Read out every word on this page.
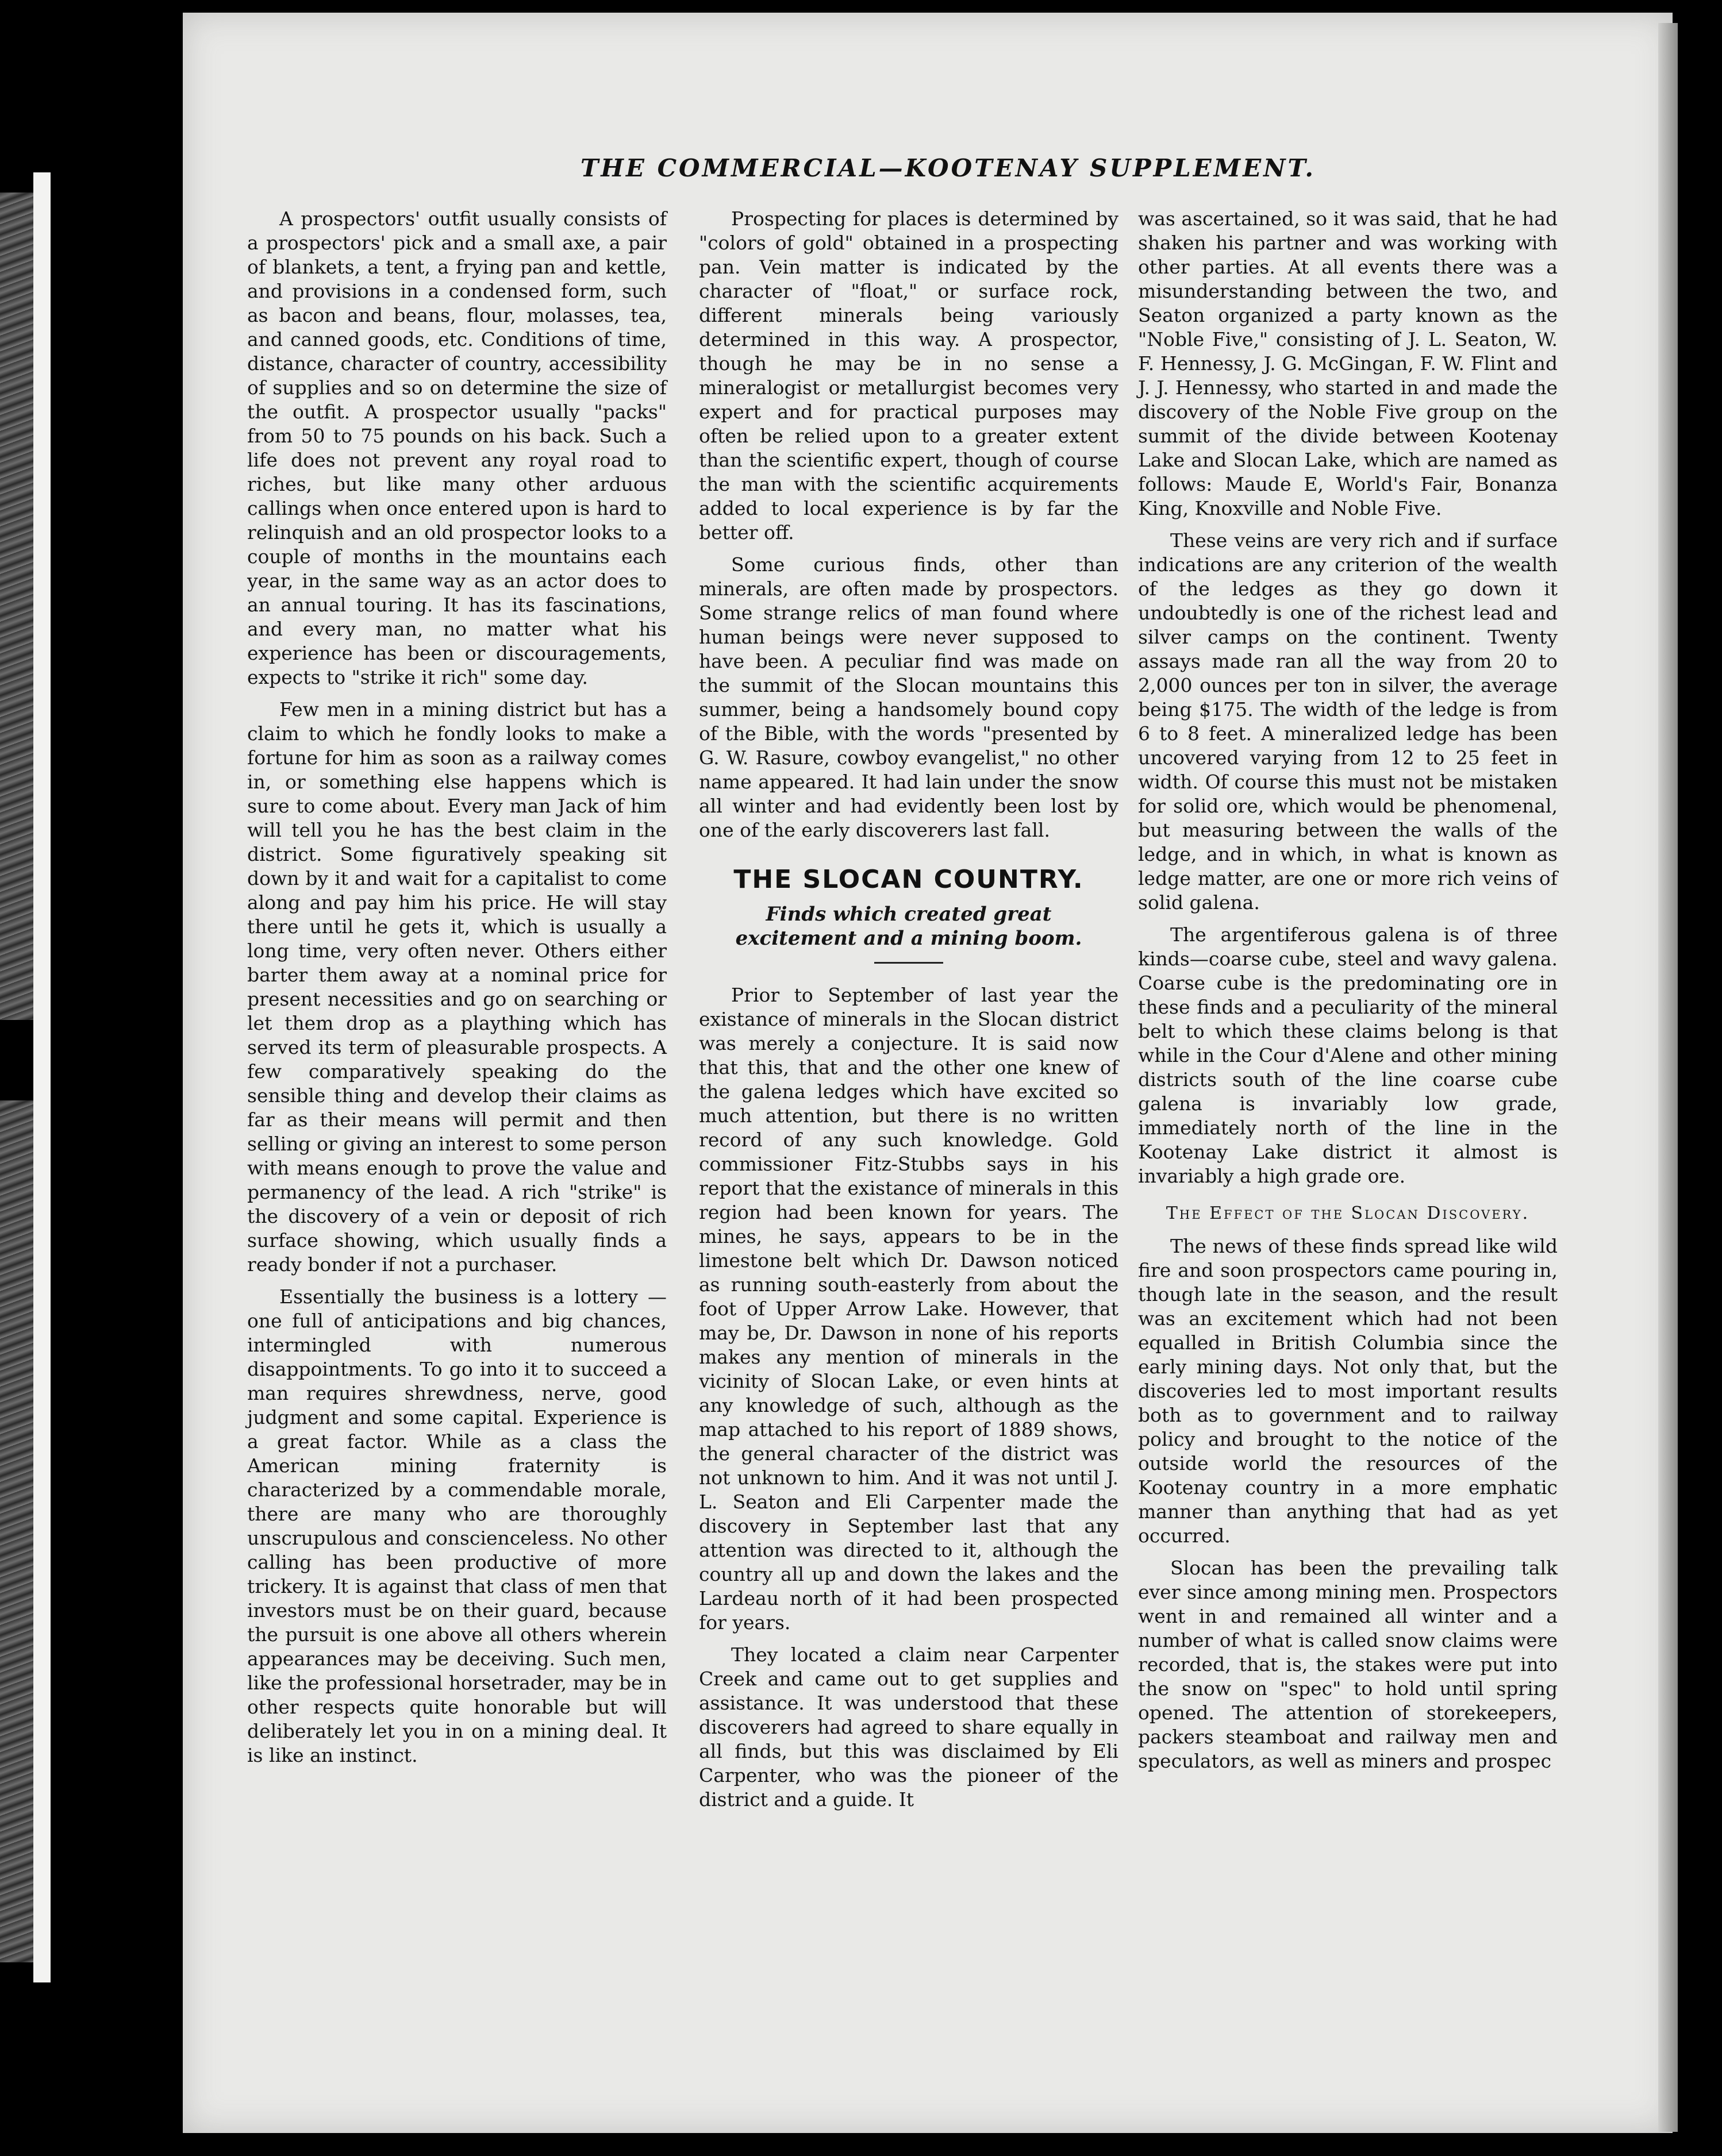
THE COMMERCIAL—KOOTENAY SUPPLEMENT.

A prospectors' outfit usually consists of a prospectors' pick and a small axe, a pair of blankets, a tent, a frying pan and kettle, and provisions in a condensed form, such as bacon and beans, flour, molasses, tea, and canned goods, etc. Conditions of time, distance, character of country, accessibility of supplies and so on determine the size of the outfit. A prospector usually "packs" from 50 to 75 pounds on his back. Such a life does not prevent any royal road to riches, but like many other arduous callings when once entered upon is hard to relinquish and an old prospector looks to a couple of months in the mountains each year, in the same way as an actor does to an annual touring. It has its fascinations, and every man, no matter what his experience has been or discouragements, expects to "strike it rich" some day.

Few men in a mining district but has a claim to which he fondly looks to make a fortune for him as soon as a railway comes in, or something else happens which is sure to come about. Every man Jack of him will tell you he has the best claim in the district. Some figuratively speaking sit down by it and wait for a capitalist to come along and pay him his price. He will stay there until he gets it, which is usually a long time, very often never. Others either barter them away at a nominal price for present necessities and go on searching or let them drop as a plaything which has served its term of pleasurable prospects. A few comparatively speaking do the sensible thing and develop their claims as far as their means will permit and then selling or giving an interest to some person with means enough to prove the value and permanency of the lead. A rich "strike" is the discovery of a vein or deposit of rich surface showing, which usually finds a ready bonder if not a purchaser.

Essentially the business is a lottery —one full of anticipations and big chances, intermingled with numerous disappointments. To go into it to succeed a man requires shrewdness, nerve, good judgment and some capital. Experience is a great factor. While as a class the American mining fraternity is characterized by a commendable morale, there are many who are thoroughly unscrupulous and conscienceless. No other calling has been productive of more trickery. It is against that class of men that investors must be on their guard, because the pursuit is one above all others wherein appearances may be deceiving. Such men, like the professional horsetrader, may be in other respects quite honorable but will deliberately let you in on a mining deal. It is like an instinct.

Prospecting for places is determined by "colors of gold" obtained in a prospecting pan. Vein matter is indicated by the character of "float," or surface rock, different minerals being variously determined in this way. A prospector, though he may be in no sense a mineralogist or metallurgist becomes very expert and for practical purposes may often be relied upon to a greater extent than the scientific expert, though of course the man with the scientific acquirements added to local experience is by far the better off.

Some curious finds, other than minerals, are often made by prospectors. Some strange relics of man found where human beings were never supposed to have been. A peculiar find was made on the summit of the Slocan mountains this summer, being a handsomely bound copy of the Bible, with the words "presented by G. W. Rasure, cowboy evangelist," no other name appeared. It had lain under the snow all winter and had evidently been lost by one of the early discoverers last fall.

THE SLOCAN COUNTRY.
Finds which created great excitement and a mining boom.

Prior to September of last year the existance of minerals in the Slocan district was merely a conjecture. It is said now that this, that and the other one knew of the galena ledges which have excited so much attention, but there is no written record of any such knowledge. Gold commissioner Fitz-Stubbs says in his report that the existance of minerals in this region had been known for years. The mines, he says, appears to be in the limestone belt which Dr. Dawson noticed as running south-easterly from about the foot of Upper Arrow Lake. However, that may be, Dr. Dawson in none of his reports makes any mention of minerals in the vicinity of Slocan Lake, or even hints at any knowledge of such, although as the map attached to his report of 1889 shows, the general character of the district was not unknown to him. And it was not until J. L. Seaton and Eli Carpenter made the discovery in September last that any attention was directed to it, although the country all up and down the lakes and the Lardeau north of it had been prospected for years.

They located a claim near Carpenter Creek and came out to get supplies and assistance. It was understood that these discoverers had agreed to share equally in all finds, but this was disclaimed by Eli Carpenter, who was the pioneer of the district and a guide. It

was ascertained, so it was said, that he had shaken his partner and was working with other parties. At all events there was a misunderstanding between the two, and Seaton organized a party known as the "Noble Five," consisting of J. L. Seaton, W. F. Hennessy, J. G. McGingan, F. W. Flint and J. J. Hennessy, who started in and made the discovery of the Noble Five group on the summit of the divide between Kootenay Lake and Slocan Lake, which are named as follows: Maude E, World's Fair, Bonanza King, Knoxville and Noble Five.

These veins are very rich and if surface indications are any criterion of the wealth of the ledges as they go down it undoubtedly is one of the richest lead and silver camps on the continent. Twenty assays made ran all the way from 20 to 2,000 ounces per ton in silver, the average being $175. The width of the ledge is from 6 to 8 feet. A mineralized ledge has been uncovered varying from 12 to 25 feet in width. Of course this must not be mistaken for solid ore, which would be phenomenal, but measuring between the walls of the ledge, and in which, in what is known as ledge matter, are one or more rich veins of solid galena.

The argentiferous galena is of three kinds—coarse cube, steel and wavy galena. Coarse cube is the predominating ore in these finds and a peculiarity of the mineral belt to which these claims belong is that while in the Cour d'Alene and other mining districts south of the line coarse cube galena is invariably low grade, immediately north of the line in the Kootenay Lake district it almost is invariably a high grade ore.

The Effect of the Slocan Discovery.

The news of these finds spread like wild fire and soon prospectors came pouring in, though late in the season, and the result was an excitement which had not been equalled in British Columbia since the early mining days. Not only that, but the discoveries led to most important results both as to government and to railway policy and brought to the notice of the outside world the resources of the Kootenay country in a more emphatic manner than anything that had as yet occurred.

Slocan has been the prevailing talk ever since among mining men. Prospectors went in and remained all winter and a number of what is called snow claims were recorded, that is, the stakes were put into the snow on "spec" to hold until spring opened. The attention of storekeepers, packers steamboat and railway men and speculators, as well as miners and prospec
